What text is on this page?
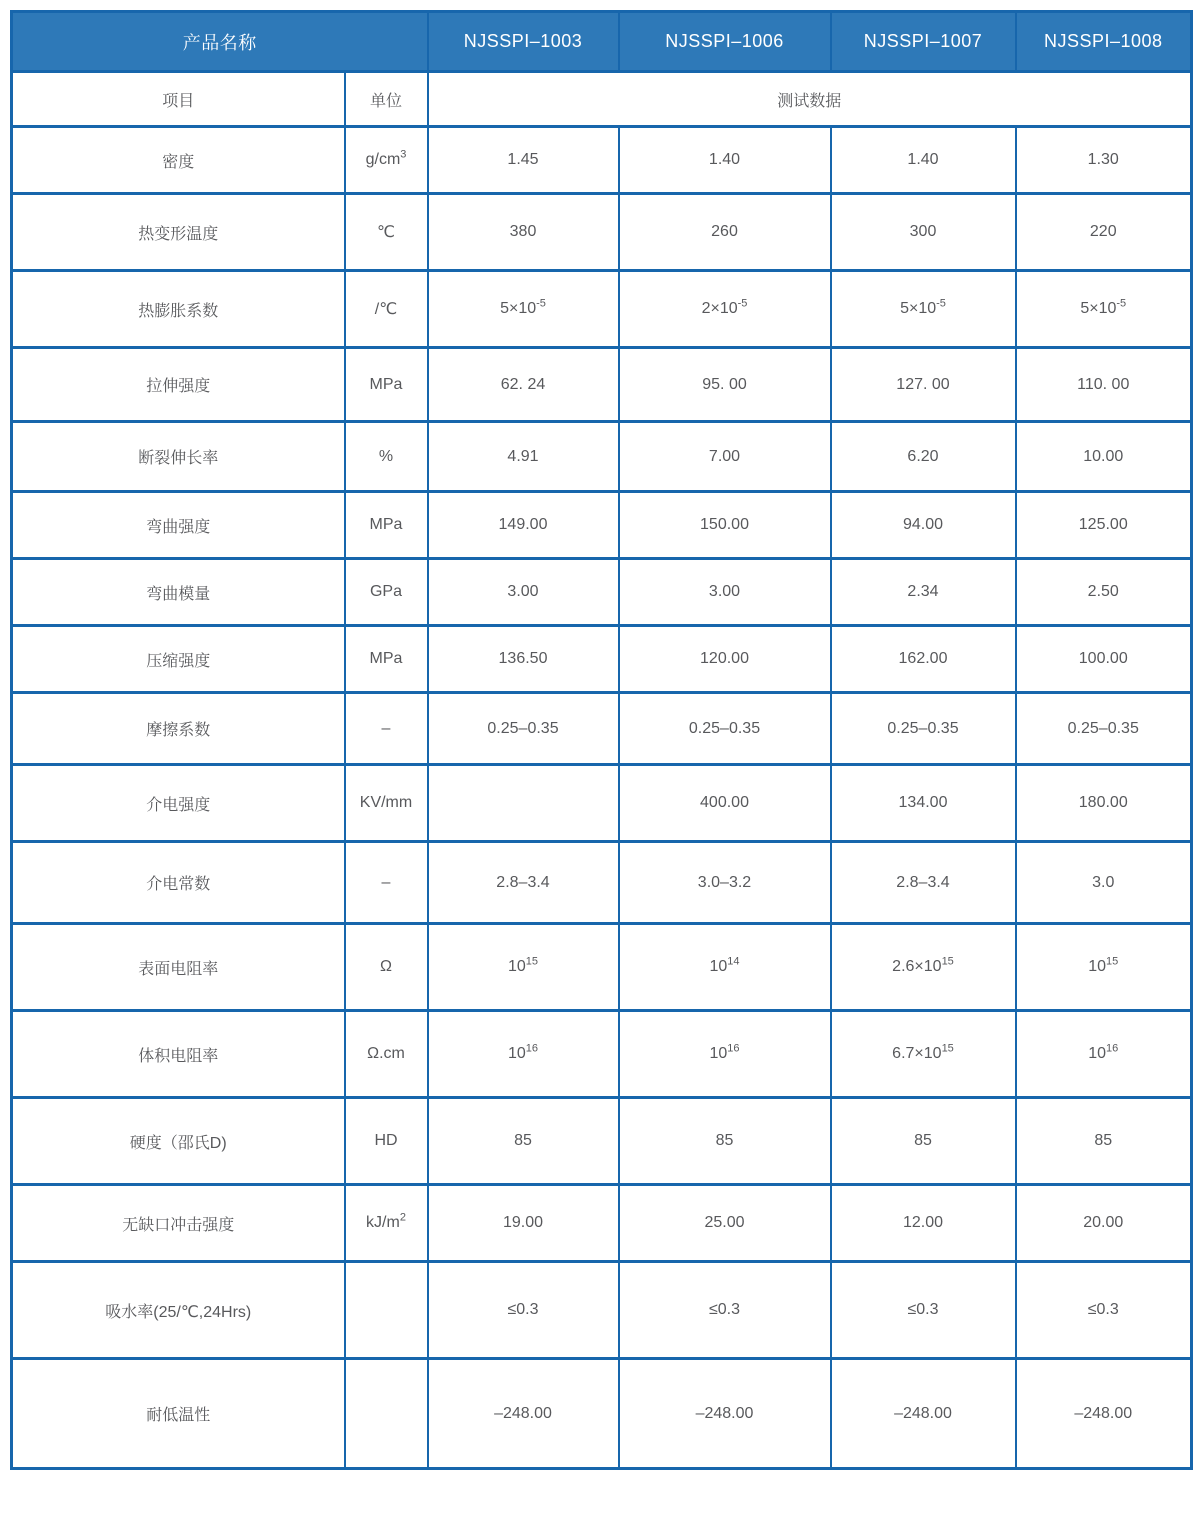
产品名称		NJSSPI–1003	NJSSPI–1006	NJSSPI–1007	NJSSPI–1008
项目	单位	测试数据			
密度	$g/cm^3$	1.45	1.40	1.40	1.30
热变形温度	℃	380	260	300	220
热膨胀系数	/℃	$5\times 10^{-5}$	$2\times 10^{-5}$	$5\times 10^{-5}$	$5\times 10^{-5}$
拉伸强度	MPa	62. 24	95. 00	127. 00	110. 00
断裂伸长率	%	4.91	7.00	6.20	10.00
弯曲强度	MPa	149.00	150.00	94.00	125.00
弯曲模量	GPa	3.00	3.00	2.34	2.50
压缩强度	MPa	136.50	120.00	162.00	100.00
摩擦系数	–	0.25–0.35	0.25–0.35	0.25–0.35	0.25–0.35
介电强度	KV/mm		400.00	134.00	180.00
介电常数	–	2.8–3.4	3.0–3.2	2.8–3.4	3.0
表面电阻率	Ω	$10^{15}$	$10^{14}$	$2.6\times 10^{15}$	$10^{15}$
体积电阻率	Ω.cm	$10^{16}$	$10^{16}$	$6.7\times 10^{15}$	$10^{16}$
硬度（邵氏D)	HD	85	85	85	85
无缺口冲击强度	$kJ/m^2$	19.00	25.00	12.00	20.00
吸水率(25/℃,24Hrs)		≤0.3	≤0.3	≤0.3	≤0.3
耐低温性		–248.00	–248.00	–248.00	–248.00
